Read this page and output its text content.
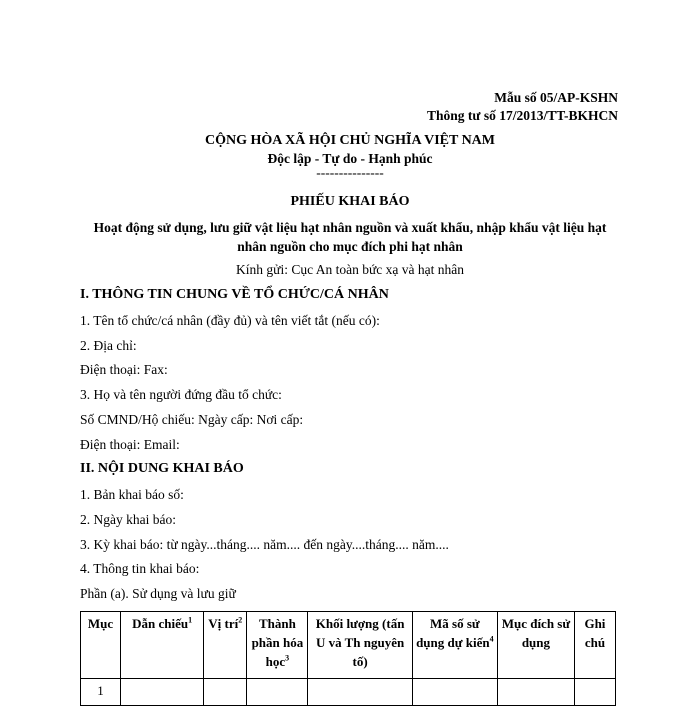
Mẫu số 05/AP-KSHN
Thông tư số 17/2013/TT-BKHCN
CỘNG HÒA XÃ HỘI CHỦ NGHĨA VIỆT NAM
Độc lập - Tự do - Hạnh phúc
---------------
PHIẾU KHAI BÁO
Hoạt động sử dụng, lưu giữ vật liệu hạt nhân nguồn và xuất khẩu, nhập khẩu vật liệu hạt
nhân nguồn cho mục đích phi hạt nhân
Kính gửi: Cục An toàn bức xạ và hạt nhân
I. THÔNG TIN CHUNG VỀ TỔ CHỨC/CÁ NHÂN
1. Tên tổ chức/cá nhân (đầy đủ) và tên viết tắt (nếu có):
2. Địa chỉ:
Điện thoại: Fax:
3. Họ và tên người đứng đầu tổ chức:
Số CMND/Hộ chiếu: Ngày cấp: Nơi cấp:
Điện thoại: Email:
II. NỘI DUNG KHAI BÁO
1. Bản khai báo số:
2. Ngày khai báo:
3. Kỳ khai báo: từ ngày...tháng.... năm.... đến ngày....tháng.... năm....
4. Thông tin khai báo:
Phần (a). Sử dụng và lưu giữ
Mục	Dẫn chiếu$^1$	Vị trí$^2$	Thành phần hóa học$^3$	Khối lượng (tấn U và Th nguyên tố)	Mã số sử dụng dự kiến$^4$	Mục đích sử dụng	Ghi chú
1							
